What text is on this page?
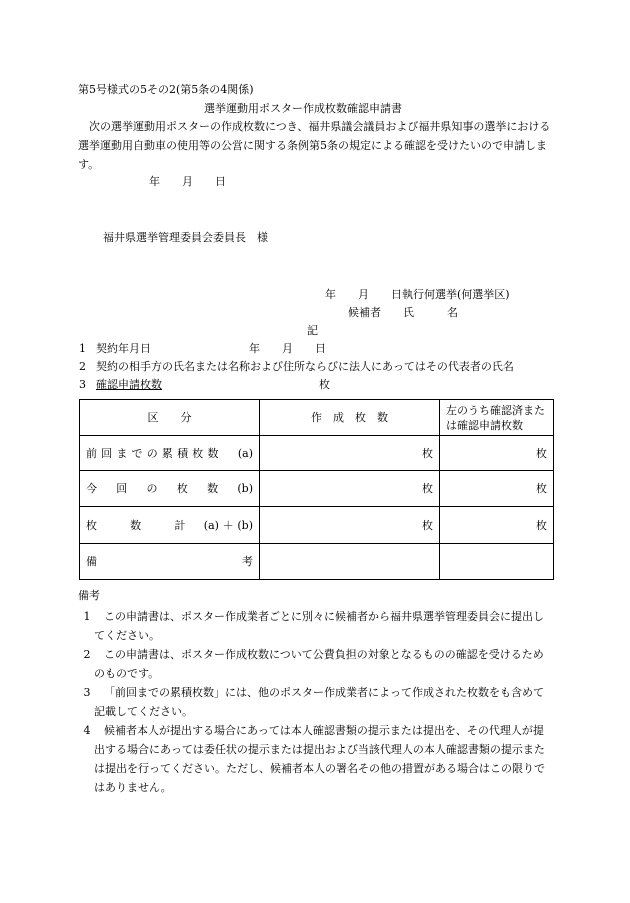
第5号様式の5その2(第5条の4関係)
選挙運動用ポスター作成枚数確認申請書
次の選挙運動用ポスターの作成枚数につき、福井県議会議員および福井県知事の選挙における選挙運動用自動車の使用等の公営に関する条例第5条の規定による確認を受けたいので申請します。
年　　月　　日
福井県選挙管理委員会委員長　様
年　　月　　日執行何選挙(何選挙区)
候補者　　氏　　　名
記
1 契約年月日	年　　月　　日
2 契約の相手方の氏名または名称および住所ならびに法人にあってはその代表者の氏名
3 確認申請枚数	枚
区　　分	作　成　枚　数	左のうち確認済または確認申請枚数
前回までの累積枚数　(a)	枚	枚
今　回　の　枚　数　(b)	枚	枚
枚　　数　　計　(a)＋(b)	枚	枚
備　　考		
備考
1	この申請書は、ポスター作成業者ごとに別々に候補者から福井県選挙管理委員会に提出してください。
2	この申請書は、ポスター作成枚数について公費負担の対象となるものの確認を受けるためのものです。
3	「前回までの累積枚数」には、他のポスター作成業者によって作成された枚数をも含めて記載してください。
4	候補者本人が提出する場合にあっては本人確認書類の提示または提出を、その代理人が提出する場合にあっては委任状の提示または提出および当該代理人の本人確認書類の提示または提出を行ってください。ただし、候補者本人の署名その他の措置がある場合はこの限りではありません。
